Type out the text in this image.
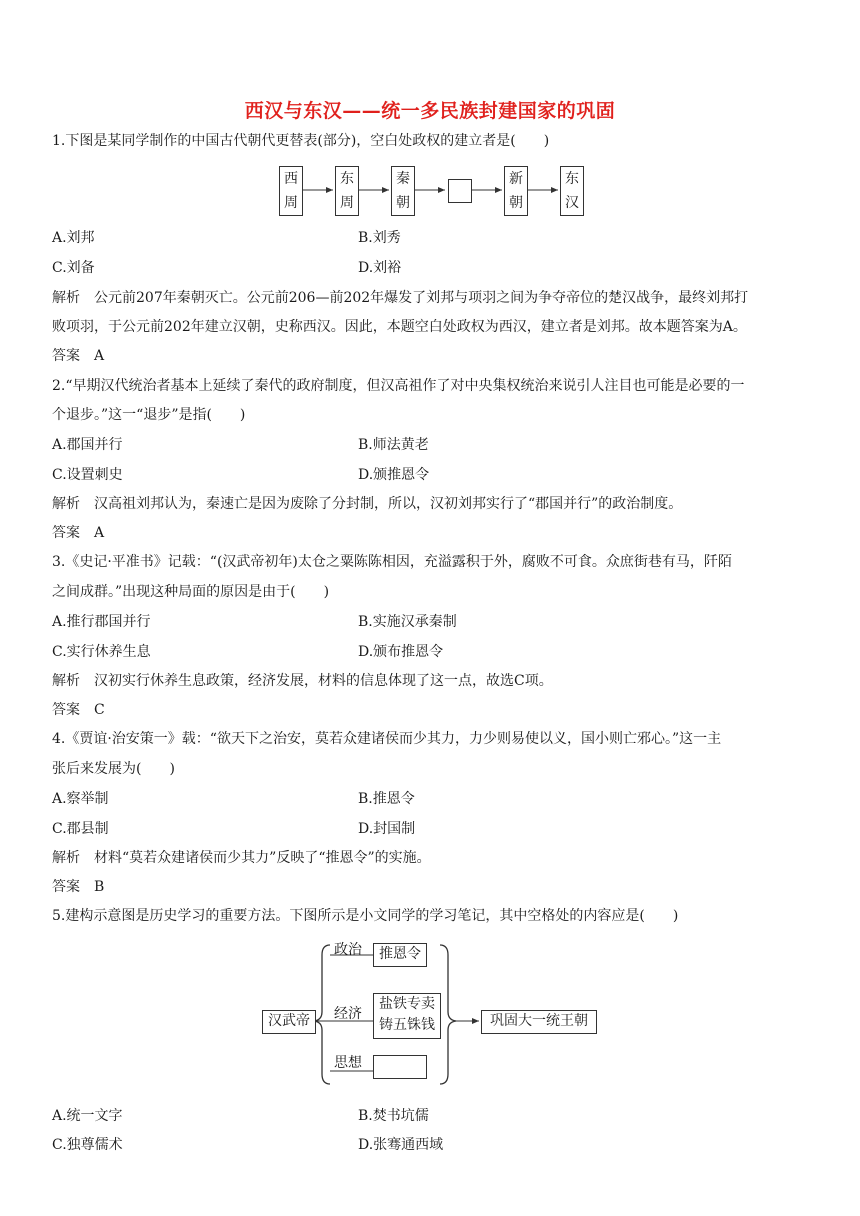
西汉与东汉——统一多民族封建国家的巩固
1.下图是某同学制作的中国古代朝代更替表(部分)，空白处政权的建立者是(　　)
西周
东周
秦朝
新朝
东汉
A.刘邦	B.刘秀
C.刘备	D.刘裕
解析 公元前207年秦朝灭亡。公元前206—前202年爆发了刘邦与项羽之间为争夺帝位的楚汉战争，最终刘邦打
败项羽，于公元前202年建立汉朝，史称西汉。因此，本题空白处政权为西汉，建立者是刘邦。故本题答案为A。
答案 A
2.“早期汉代统治者基本上延续了秦代的政府制度，但汉高祖作了对中央集权统治来说引人注目也可能是必要的一
个退步。”这一“退步”是指(　　)
A.郡国并行	B.师法黄老
C.设置刺史	D.颁推恩令
解析 汉高祖刘邦认为，秦速亡是因为废除了分封制，所以，汉初刘邦实行了“郡国并行”的政治制度。
答案 A
3.《史记·平准书》记载：“(汉武帝初年)太仓之粟陈陈相因，充溢露积于外，腐败不可食。众庶街巷有马，阡陌
之间成群。”出现这种局面的原因是由于(　　)
A.推行郡国并行	B.实施汉承秦制
C.实行休养生息	D.颁布推恩令
解析 汉初实行休养生息政策，经济发展，材料的信息体现了这一点，故选C项。
答案 C
4.《贾谊·治安策一》载：“欲天下之治安，莫若众建诸侯而少其力，力少则易使以义，国小则亡邪心。”这一主
张后来发展为(　　)
A.察举制	B.推恩令
C.郡县制	D.封国制
解析 材料“莫若众建诸侯而少其力”反映了“推恩令”的实施。
答案 B
5.建构示意图是历史学习的重要方法。下图所示是小文同学的学习笔记，其中空格处的内容应是(　　)
汉武帝
政治	推恩令
经济
盐铁专卖
铸五铢钱
思想
巩固大一统王朝
A.统一文字	B.焚书坑儒
C.独尊儒术	D.张骞通西域
